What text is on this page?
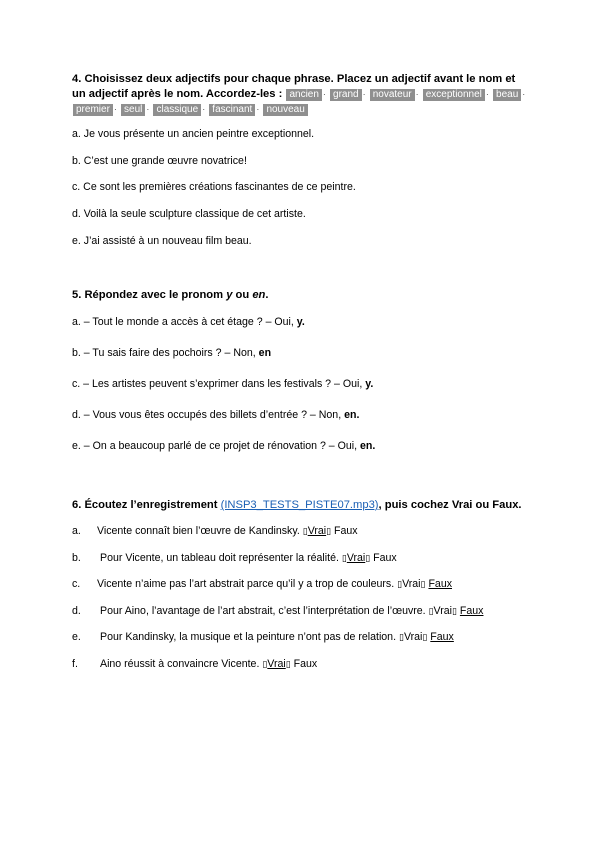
4. Choisissez deux adjectifs pour chaque phrase. Placez un adjectif avant le nom et un adjectif après le nom. Accordez-les : ancien · grand · novateur · exceptionnel · beau · premier · seul · classique · fascinant · nouveau

a. Je vous présente un ancien peintre exceptionnel.

b. C’est une grande œuvre novatrice!

c. Ce sont les premières créations fascinantes de ce peintre.

d. Voilà la seule sculpture classique de cet artiste.

e. J’ai assisté à un nouveau film beau.

5. Répondez avec le pronom y ou en.

a. – Tout le monde a accès à cet étage ? – Oui, y.

b. – Tu sais faire des pochoirs ? – Non, en

c. – Les artistes peuvent s’exprimer dans les festivals ? – Oui, y.

d. – Vous vous êtes occupés des billets d’entrée ? – Non, en.

e. – On a beaucoup parlé de ce projet de rénovation ? – Oui, en.

6. Écoutez l’enregistrement (INSP3_TESTS_PISTE07.mp3), puis cochez Vrai ou Faux.

a. Vicente connaît bien l’œuvre de Kandinsky. ▯Vrai▯ Faux

b. Pour Vicente, un tableau doit représenter la réalité. ▯Vrai▯ Faux

c. Vicente n’aime pas l’art abstrait parce qu’il y a trop de couleurs. ▯Vrai▯ Faux

d. Pour Aino, l’avantage de l’art abstrait, c’est l’interprétation de l’œuvre. ▯Vrai▯ Faux

e. Pour Kandinsky, la musique et la peinture n’ont pas de relation. ▯Vrai▯ Faux

f. Aino réussit à convaincre Vicente. ▯Vrai▯ Faux
